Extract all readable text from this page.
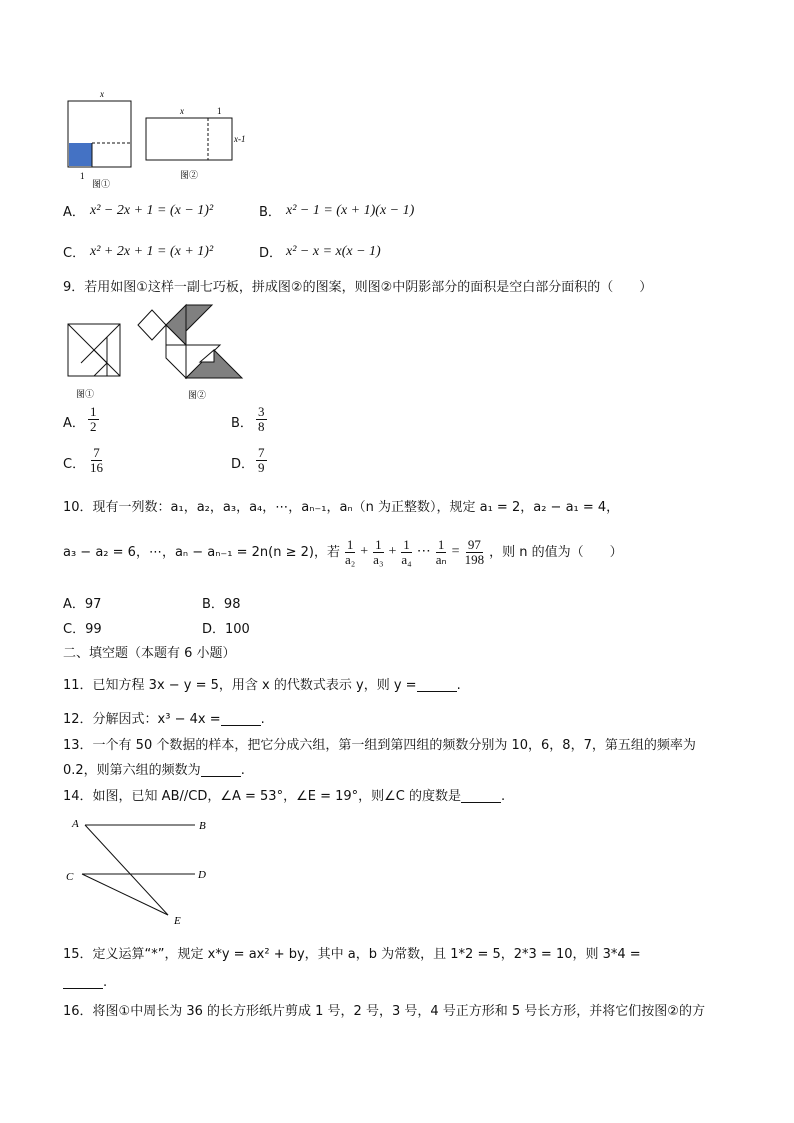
x
1
图①
x	1
x-1
图②
A． x² − 2x + 1 = (x − 1)²	B． x² − 1 = (x + 1)(x − 1)
C． x² + 2x + 1 = (x + 1)²	D． x² − x = x(x − 1)
9．若用如图①这样一副七巧板，拼成图②的图案，则图②中阴影部分的面积是空白部分面积的（　　）
图①	图②
A． $\frac{1}{2}$	B． $\frac{3}{8}$
C． $\frac{7}{16}$	D． $\frac{7}{9}$
10．现有一列数：a₁，a₂，a₃，a₄，⋯，aₙ₋₁，aₙ（n 为正整数），规定 a₁ = 2，a₂ − a₁ = 4，
a₃ − a₂ = 6，⋯，aₙ − aₙ₋₁ = 2n(n ≥ 2)，若 $\frac{1}{\text{a₂}} + \frac{1}{\text{a₃}} + \frac{1}{\text{a₄}}$ ⋯ $\frac{1}{\text{aₙ}} = \frac{97}{198}$ ，则 n 的值为（　　）
A．97	B．98
C．99	D．100
二、填空题（本题有 6 小题）
11．已知方程 3x − y = 5，用含 x 的代数式表示 y，则 y =	.
12．分解因式：x³ − 4x =	.
13．一个有 50 个数据的样本，把它分成六组，第一组到第四组的频数分别为 10，6，8，7，第五组的频率为
0.2，则第六组的频数为	.
14．如图，已知 AB//CD，∠A = 53°，∠E = 19°，则∠C 的度数是	.
A	B
C	D
E
15．定义运算“*”，规定 x*y = ax² + by，其中 a，b 为常数，且 1*2 = 5，2*3 = 10，则 3*4 =
.
16．将图①中周长为 36 的长方形纸片剪成 1 号，2 号，3 号，4 号正方形和 5 号长方形，并将它们按图②的方
